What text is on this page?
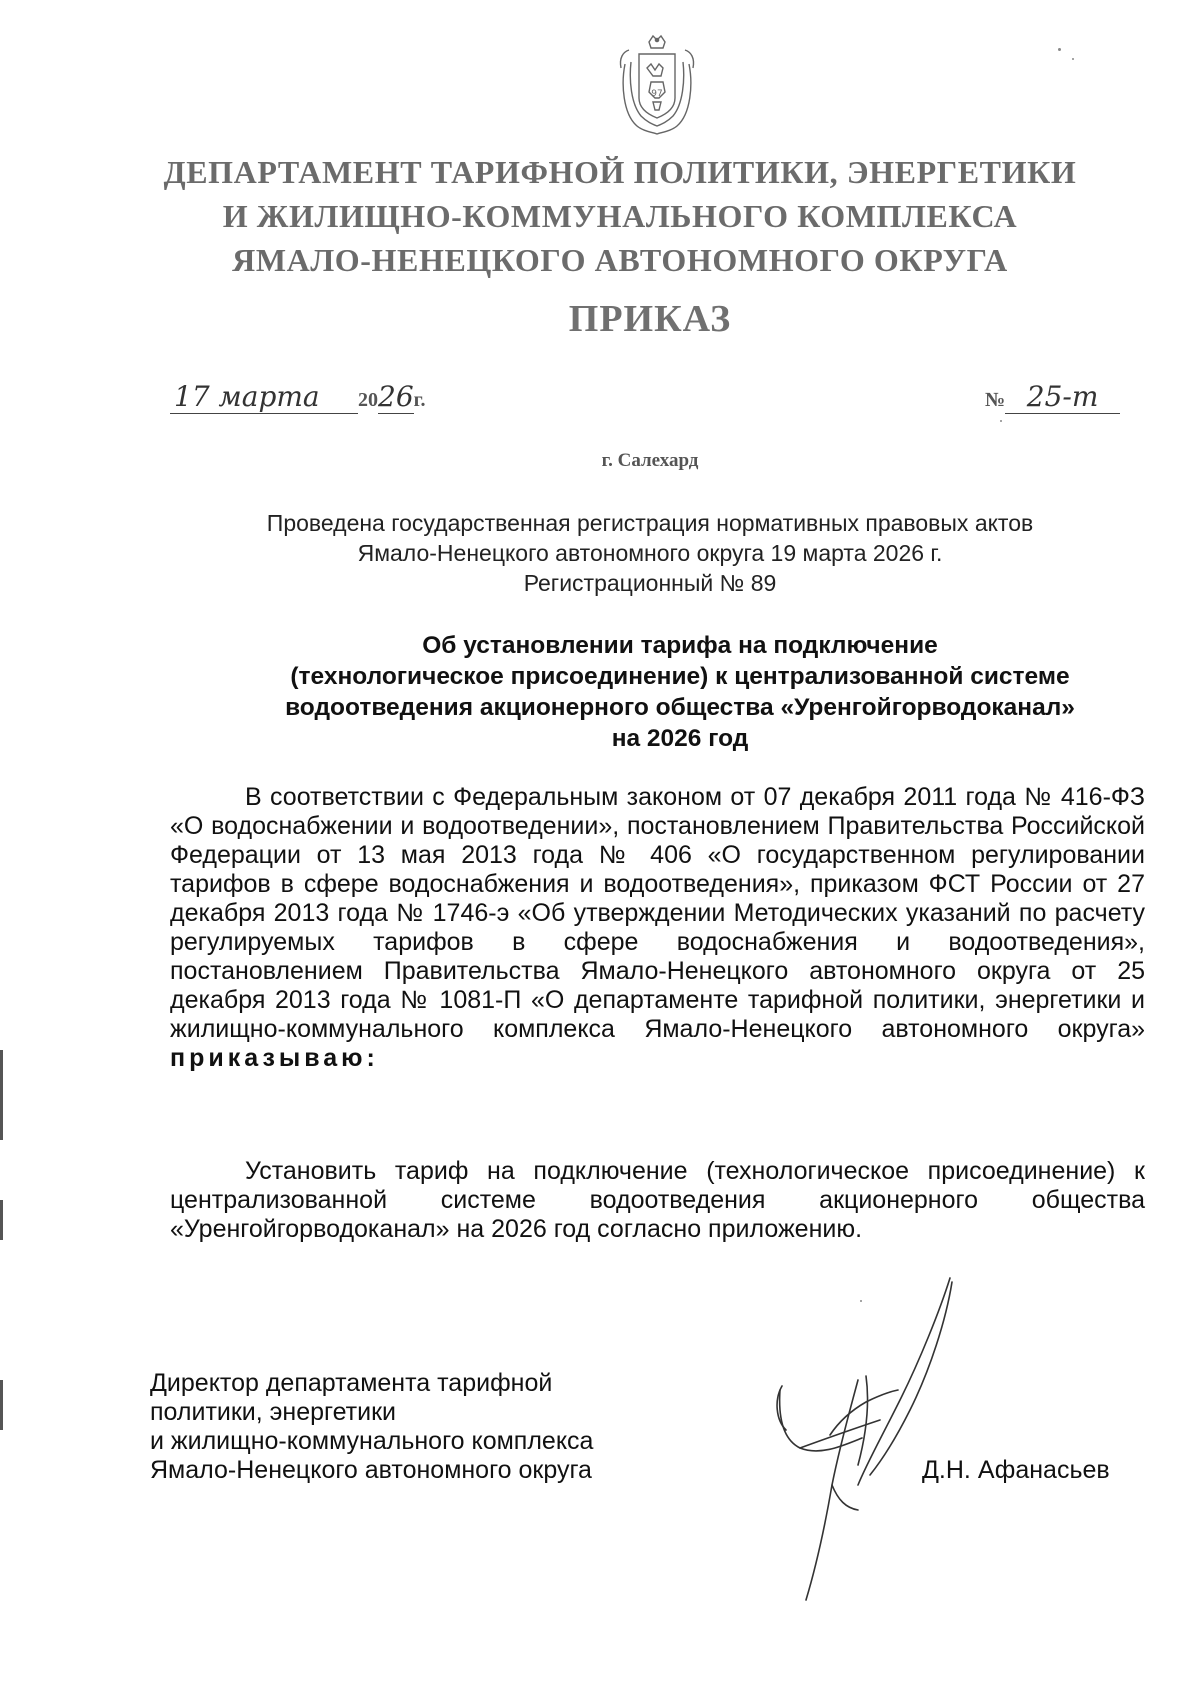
97
ДЕПАРТАМЕНТ ТАРИФНОЙ ПОЛИТИКИ, ЭНЕРГЕТИКИ
И ЖИЛИЩНО-КОММУНАЛЬНОГО КОМПЛЕКСА
ЯМАЛО-НЕНЕЦКОГО АВТОНОМНОГО ОКРУГА
ПРИКАЗ
17 марта 2026г.	№ 25-т
г. Салехард
Проведена государственная регистрация нормативных правовых актов
Ямало-Ненецкого автономного округа 19 марта 2026 г.
Регистрационный № 89
Об установлении тарифа на подключение
(технологическое присоединение) к централизованной системе
водоотведения акционерного общества «Уренгойгорводоканал»
на 2026 год
В соответствии с Федеральным законом от 07 декабря 2011 года № 416-ФЗ «О водоснабжении и водоотведении», постановлением Правительства Российской Федерации от 13 мая 2013 года № 406 «О государственном регулировании тарифов в сфере водоснабжения и водоотведения», приказом ФСТ России от 27 декабря 2013 года № 1746-э «Об утверждении Методических указаний по расчету регулируемых тарифов в сфере водоснабжения и водоотведения», постановлением Правительства Ямало-Ненецкого автономного округа от 25 декабря 2013 года № 1081-П «О департаменте тарифной политики, энергетики и жилищно-коммунального комплекса Ямало-Ненецкого автономного округа» приказываю:
Установить тариф на подключение (технологическое присоединение) к централизованной системе водоотведения акционерного общества «Уренгойгорводоканал» на 2026 год согласно приложению.
Директор департамента тарифной
политики, энергетики
и жилищно-коммунального комплекса
Ямало-Ненецкого автономного округа	Д.Н. Афанасьев
